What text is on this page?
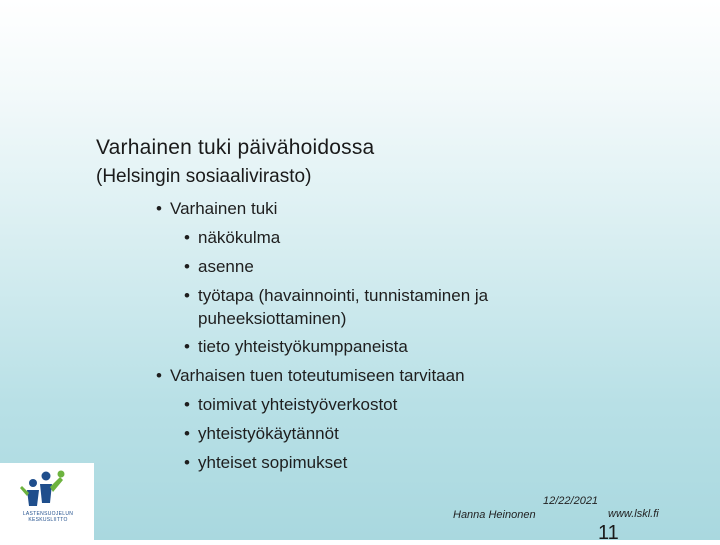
Varhainen tuki päivähoidossa
(Helsingin sosiaalivirasto)
• Varhainen tuki
• näkökulma
• asenne
• työtapa (havainnointi, tunnistaminen ja
puheeksiottaminen)
• tieto yhteistyökumppaneista
• Varhaisen tuen toteutumiseen tarvitaan
• toimivat yhteistyöverkostot
• yhteistyökäytännöt
• yhteiset sopimukset
LASTENSUOJELUN KESKUSLIITTO	Hanna Heinonen
12/22/2021
www.lskl.fi
11
